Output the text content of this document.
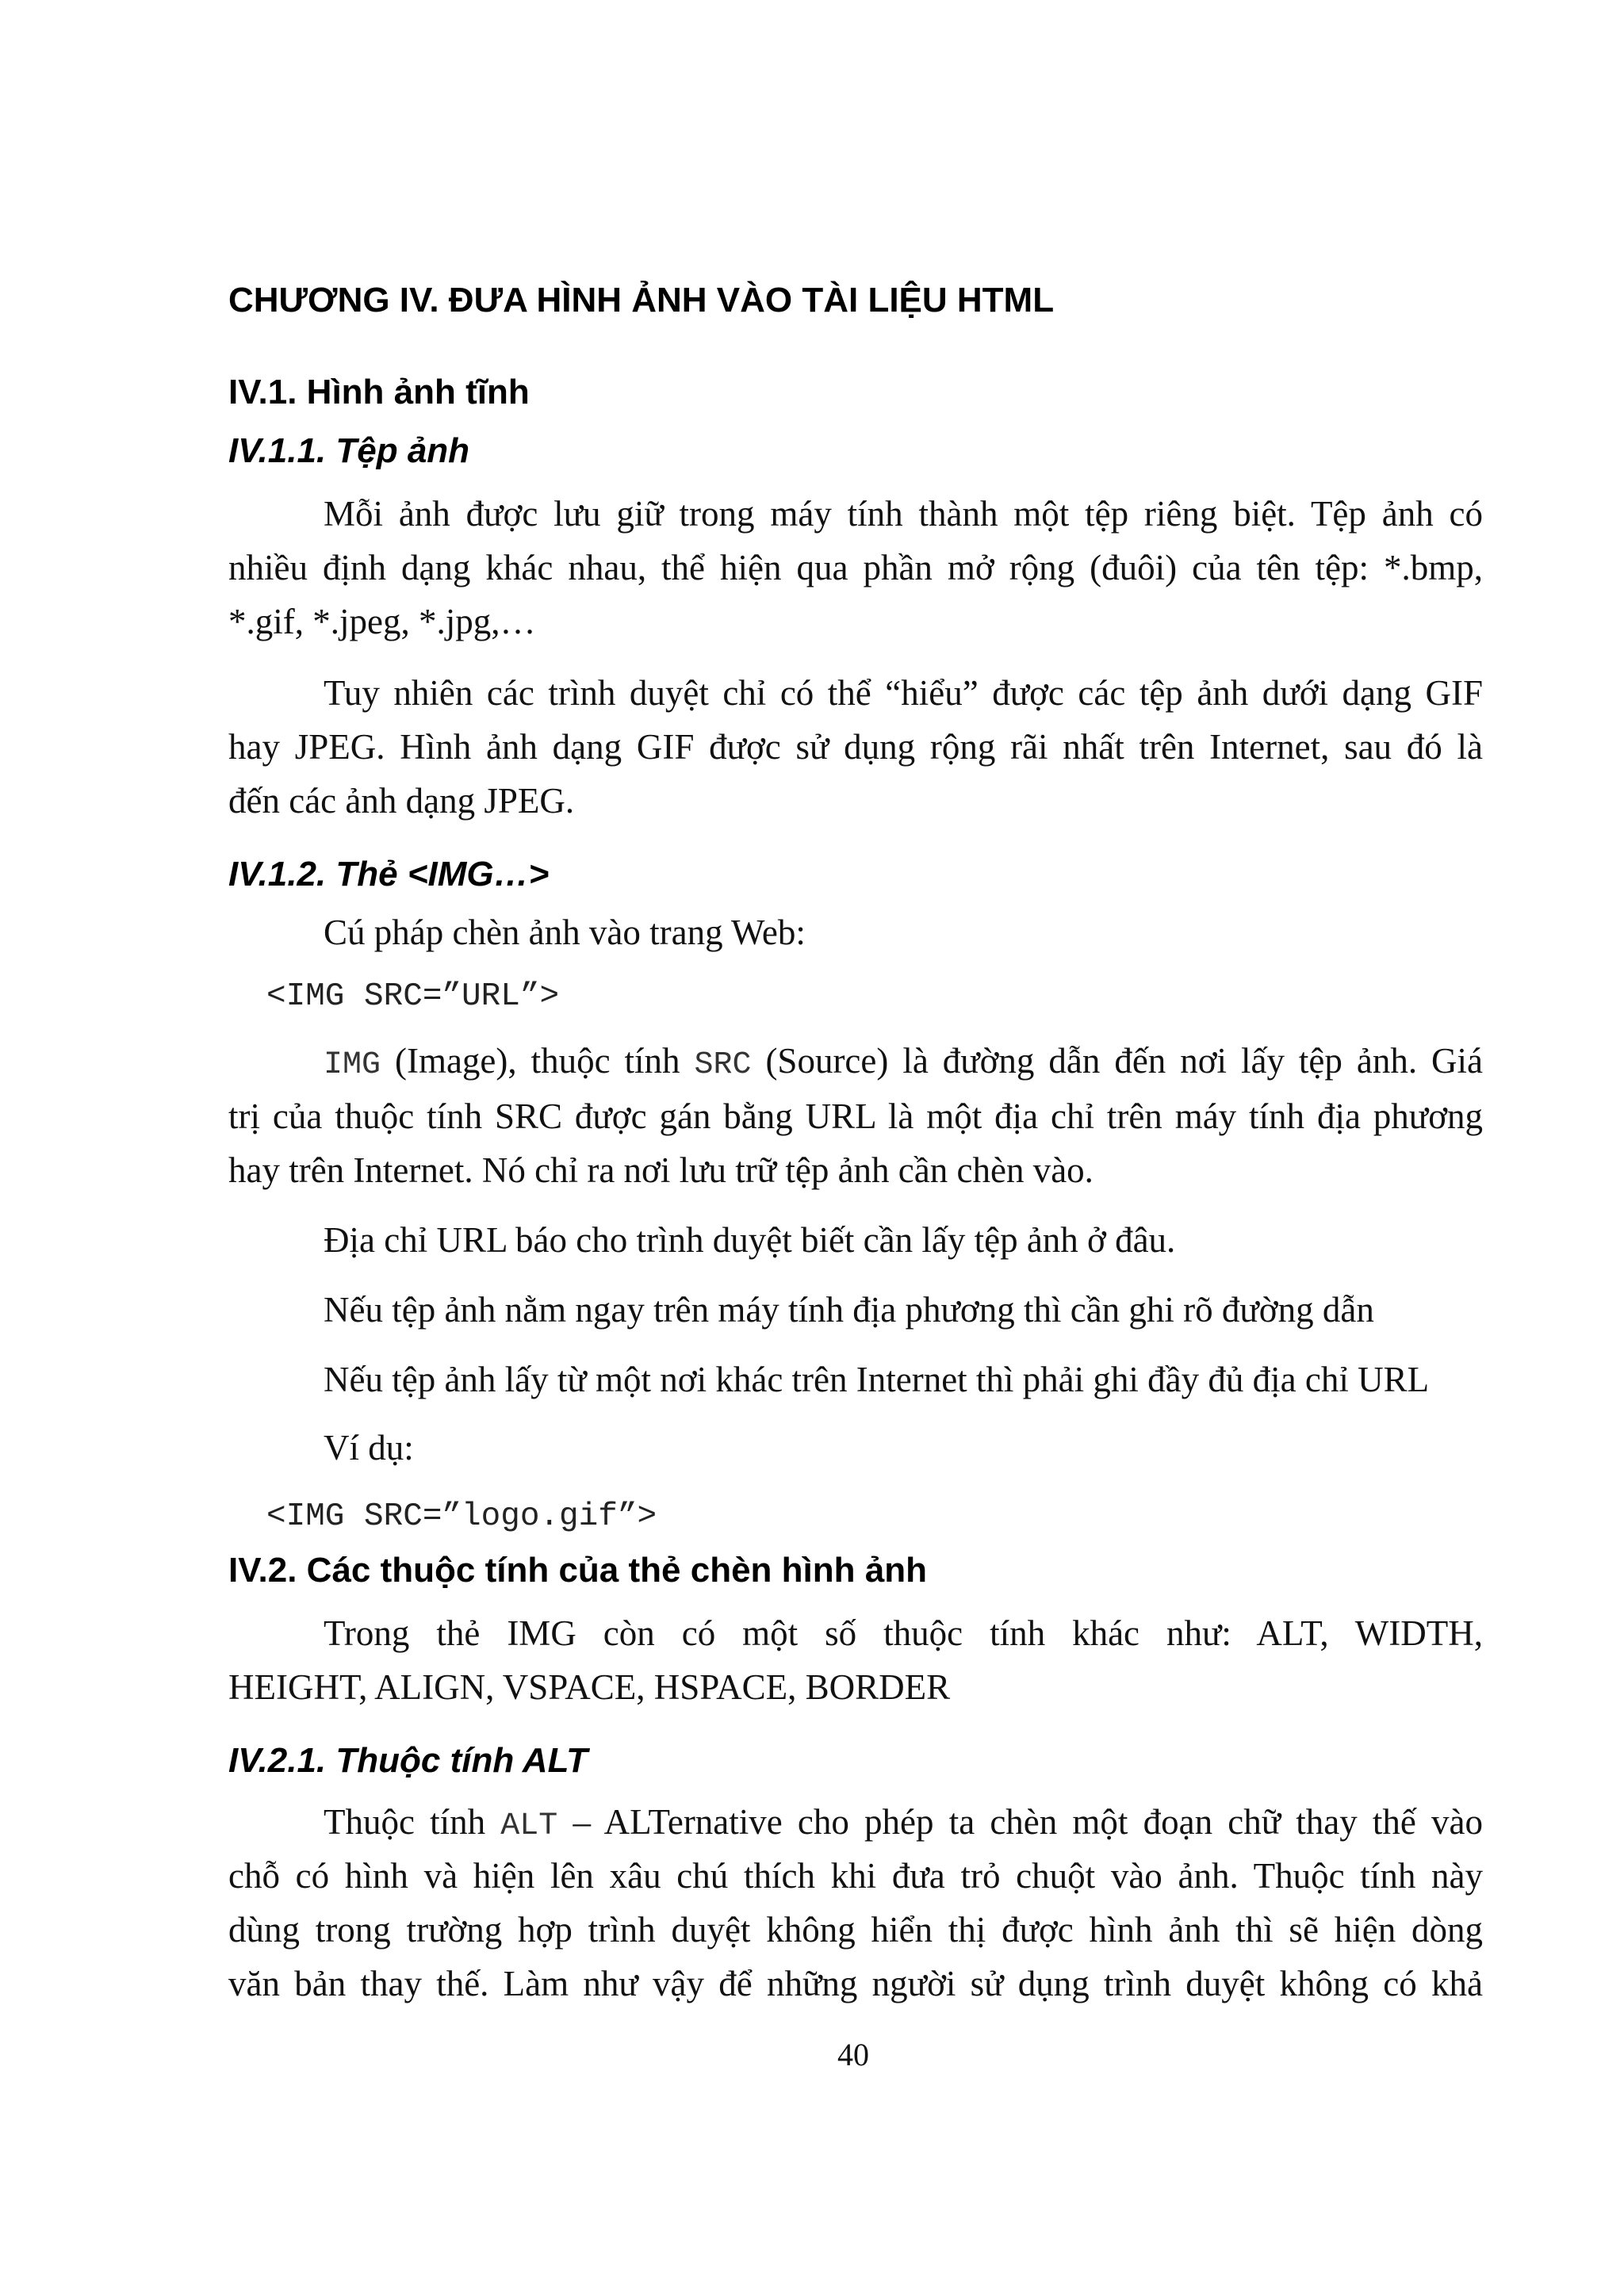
CHƯƠNG IV. ĐƯA HÌNH ẢNH VÀO TÀI LIỆU HTML
IV.1. Hình ảnh tĩnh
IV.1.1. Tệp ảnh
Mỗi ảnh được lưu giữ trong máy tính thành một tệp riêng biệt. Tệp ảnh có
nhiều định dạng khác nhau, thể hiện qua phần mở rộng (đuôi) của tên tệp: *.bmp,
*.gif, *.jpeg, *.jpg,…
Tuy nhiên các trình duyệt chỉ có thể “hiểu” được các tệp ảnh dưới dạng GIF
hay JPEG. Hình ảnh dạng GIF được sử dụng rộng rãi nhất trên Internet, sau đó là
đến các ảnh dạng JPEG.
IV.1.2. Thẻ <IMG…>
Cú pháp chèn ảnh vào trang Web:
<IMG SRC=”URL”>
IMG (Image), thuộc tính SRC (Source) là đường dẫn đến nơi lấy tệp ảnh. Giá
trị của thuộc tính SRC được gán bằng URL là một địa chỉ trên máy tính địa phương
hay trên Internet. Nó chỉ ra nơi lưu trữ tệp ảnh cần chèn vào.
Địa chỉ URL báo cho trình duyệt biết cần lấy tệp ảnh ở đâu.
Nếu tệp ảnh nằm ngay trên máy tính địa phương thì cần ghi rõ đường dẫn
Nếu tệp ảnh lấy từ một nơi khác trên Internet thì phải ghi đầy đủ địa chỉ URL
Ví dụ:
<IMG SRC=”logo.gif”>
IV.2. Các thuộc tính của thẻ chèn hình ảnh
Trong thẻ IMG còn có một số thuộc tính khác như: ALT, WIDTH,
HEIGHT, ALIGN, VSPACE, HSPACE, BORDER
IV.2.1. Thuộc tính ALT
Thuộc tính ALT – ALTernative cho phép ta chèn một đoạn chữ thay thế vào
chỗ có hình và hiện lên xâu chú thích khi đưa trỏ chuột vào ảnh. Thuộc tính này
dùng trong trường hợp trình duyệt không hiển thị được hình ảnh thì sẽ hiện dòng
văn bản thay thế. Làm như vậy để những người sử dụng trình duyệt không có khả
40
